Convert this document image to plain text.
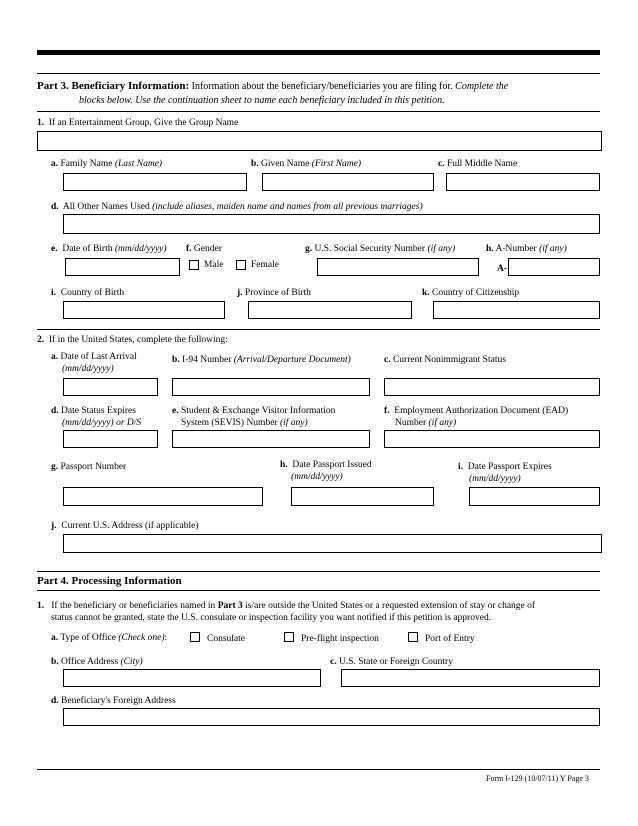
Part 3. Beneficiary Information: Information about the beneficiary/beneficiaries you are filing for. Complete the
blocks below. Use the continuation sheet to name each beneficiary included in this petition.
1. If an Entertainment Group, Give the Group Name
a. Family Name (Last Name)	b. Given Name (First Name)	c. Full Middle Name
d. All Other Names Used (include aliases, maiden name and names from all previous marriages)
e. Date of Birth (mm/dd/yyyy) f. Gender	g. U.S. Social Security Number (if any)	h. A-Number (if any)
Male	Female	A-
i. Country of Birth	j. Province of Birth	k. Country of Citizenship
2. If in the United States, complete the following:
a. Date of Last Arrival
(mm/dd/yyyy)
b. I-94 Number (Arrival/Departure Document)	c. Current Nonimmigrant Status
d. Date Status Expires
(mm/dd/yyyy) or D/S
e. Student & Exchange Visitor Information
System (SEVIS) Number (if any)
f. Employment Authorization Document (EAD)
Number (if any)
g. Passport Number	h. Date Passport Issued
(mm/dd/yyyy)
i. Date Passport Expires
(mm/dd/yyyy)
j. Current U.S. Address (if applicable)
Part 4. Processing Information
1. If the beneficiary or beneficiaries named in Part 3 is/are outside the United States or a requested extension of stay or change of
status cannot be granted, state the U.S. consulate or inspection facility you want notified if this petition is approved.
a. Type of Office (Check one):	Consulate	Pre-flight inspection	Port of Entry
b. Office Address (City)	c. U.S. State or Foreign Country
d. Beneficiary's Foreign Address
Form I-129 (10/07/11) Y Page 3
